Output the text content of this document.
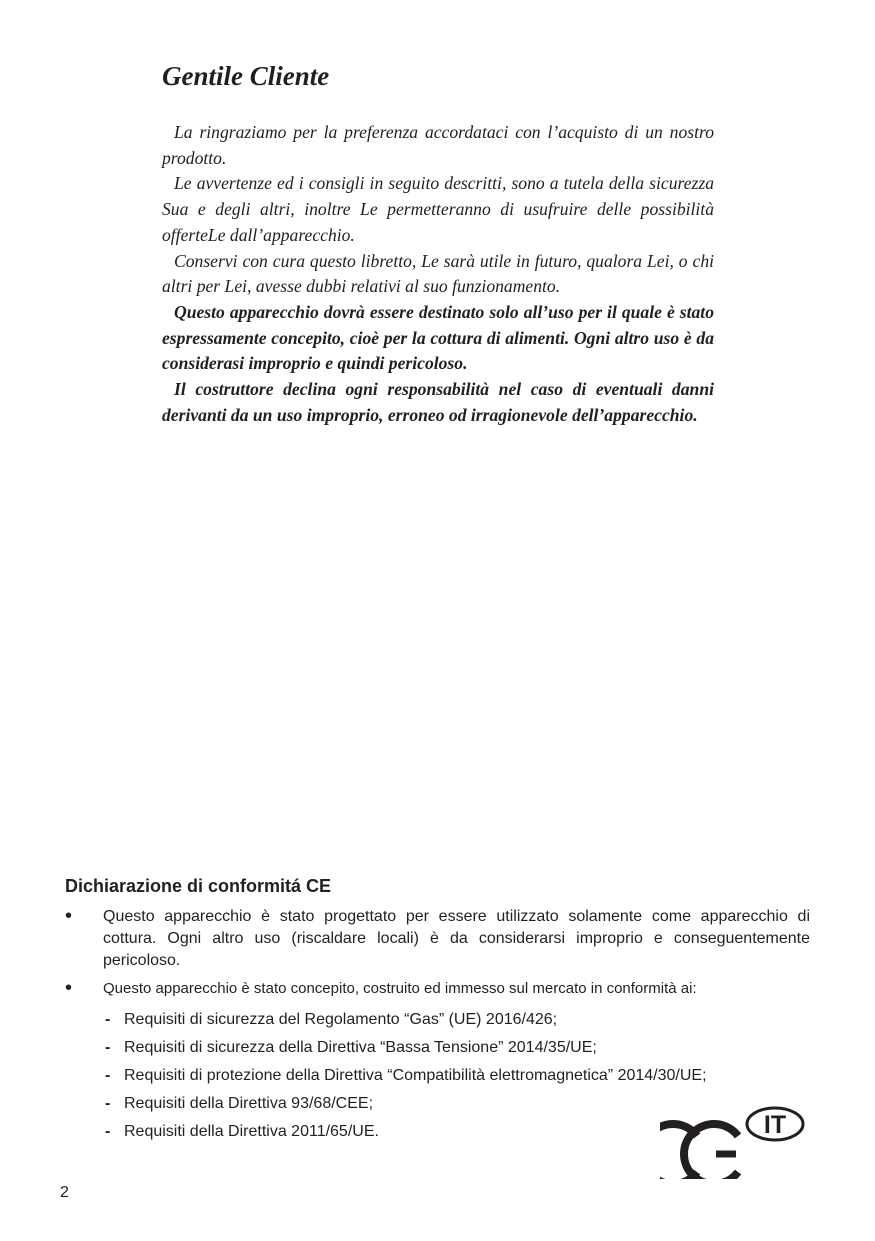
Gentile Cliente

La ringraziamo per la preferenza accordataci con l’acquisto di un nostro prodotto.

Le avvertenze ed i consigli in seguito descritti, sono a tutela della sicurezza Sua e degli altri, inoltre Le permetteranno di usufruire delle possibilità offerteLe dall’apparecchio.

Conservi con cura questo libretto, Le sarà utile in futuro, qualora Lei, o chi altri per Lei, avesse dubbi relativi al suo funzionamento.

Questo apparecchio dovrà essere destinato solo all’uso per il quale è stato espressamente concepito, cioè per la cottura di alimenti. Ogni altro uso è da considerasi improprio e quindi pericoloso.

Il costruttore declina ogni responsabilità nel caso di eventuali danni derivanti da un uso improprio, erroneo od irragionevole dell’apparecchio.

Dichiarazione di conformitá CE
• Questo apparecchio è stato progettato per essere utilizzato solamente come apparecchio di cottura. Ogni altro uso (riscaldare locali) è da considerarsi improprio e conseguentemente pericoloso.
• Questo apparecchio è stato concepito, costruito ed immesso sul mercato in conformità ai:
- Requisiti di sicurezza del Regolamento “Gas” (UE) 2016/426;
- Requisiti di sicurezza della Direttiva “Bassa Tensione” 2014/35/UE;
- Requisiti di protezione della Direttiva “Compatibilità elettromagnetica” 2014/30/UE;
- Requisiti della Direttiva 93/68/CEE;
- Requisiti della Direttiva 2011/65/UE.	IT
2
